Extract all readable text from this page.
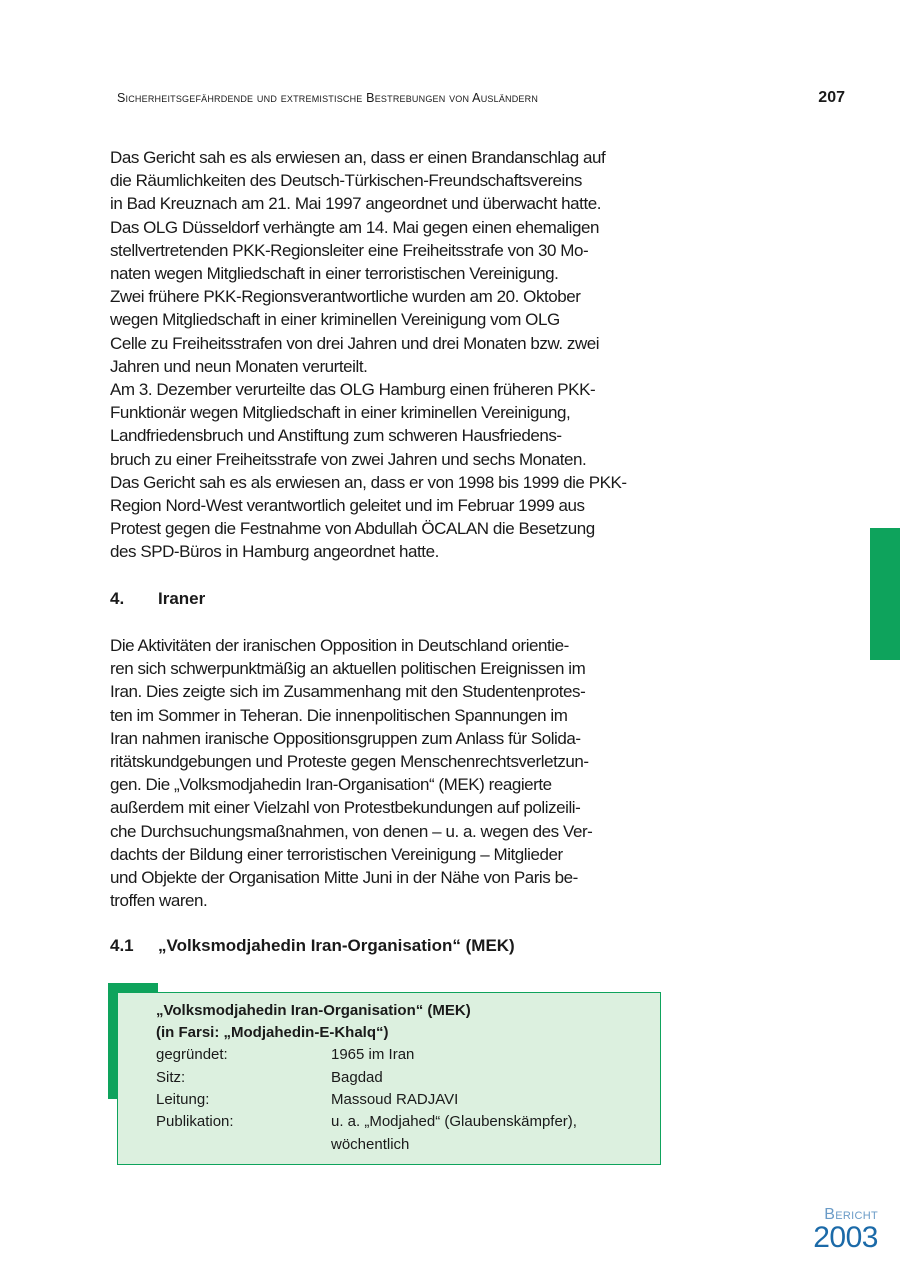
Sicherheitsgefährdende und extremistische Bestrebungen von Ausländern	207

Das Gericht sah es als erwiesen an, dass er einen Brandanschlag auf
die Räumlichkeiten des Deutsch-Türkischen-Freundschaftsvereins
in Bad Kreuznach am 21. Mai 1997 angeordnet und überwacht hatte.
Das OLG Düsseldorf verhängte am 14. Mai gegen einen ehemaligen
stellvertretenden PKK-Regionsleiter eine Freiheitsstrafe von 30 Mo-
naten wegen Mitgliedschaft in einer terroristischen Vereinigung.
Zwei frühere PKK-Regionsverantwortliche wurden am 20. Oktober
wegen Mitgliedschaft in einer kriminellen Vereinigung vom OLG
Celle zu Freiheitsstrafen von drei Jahren und drei Monaten bzw. zwei
Jahren und neun Monaten verurteilt.
Am 3. Dezember verurteilte das OLG Hamburg einen früheren PKK-
Funktionär wegen Mitgliedschaft in einer kriminellen Vereinigung,
Landfriedensbruch und Anstiftung zum schweren Hausfriedens-
bruch zu einer Freiheitsstrafe von zwei Jahren und sechs Monaten.
Das Gericht sah es als erwiesen an, dass er von 1998 bis 1999 die PKK-
Region Nord-West verantwortlich geleitet und im Februar 1999 aus
Protest gegen die Festnahme von Abdullah ÖCALAN die Besetzung
des SPD-Büros in Hamburg angeordnet hatte.

4. Iraner

Die Aktivitäten der iranischen Opposition in Deutschland orientie-
ren sich schwerpunktmäßig an aktuellen politischen Ereignissen im
Iran. Dies zeigte sich im Zusammenhang mit den Studentenprotes-
ten im Sommer in Teheran. Die innenpolitischen Spannungen im
Iran nahmen iranische Oppositionsgruppen zum Anlass für Solida-
ritätskundgebungen und Proteste gegen Menschenrechtsverletzun-
gen. Die „Volksmodjahedin Iran-Organisation“ (MEK) reagierte
außerdem mit einer Vielzahl von Protestbekundungen auf polizeili-
che Durchsuchungsmaßnahmen, von denen – u. a. wegen des Ver-
dachts der Bildung einer terroristischen Vereinigung – Mitglieder
und Objekte der Organisation Mitte Juni in der Nähe von Paris be-
troffen waren.

4.1 „Volksmodjahedin Iran-Organisation“ (MEK)
„Volksmodjahedin Iran-Organisation“ (MEK)
(in Farsi: „Modjahedin-E-Khalq“)
gegründet:	1965 im Iran
Sitz:	Bagdad
Leitung:	Massoud RADJAVI
Publikation:	u. a. „Modjahed“ (Glaubenskämpfer),
wöchentlich
Bericht
2003
